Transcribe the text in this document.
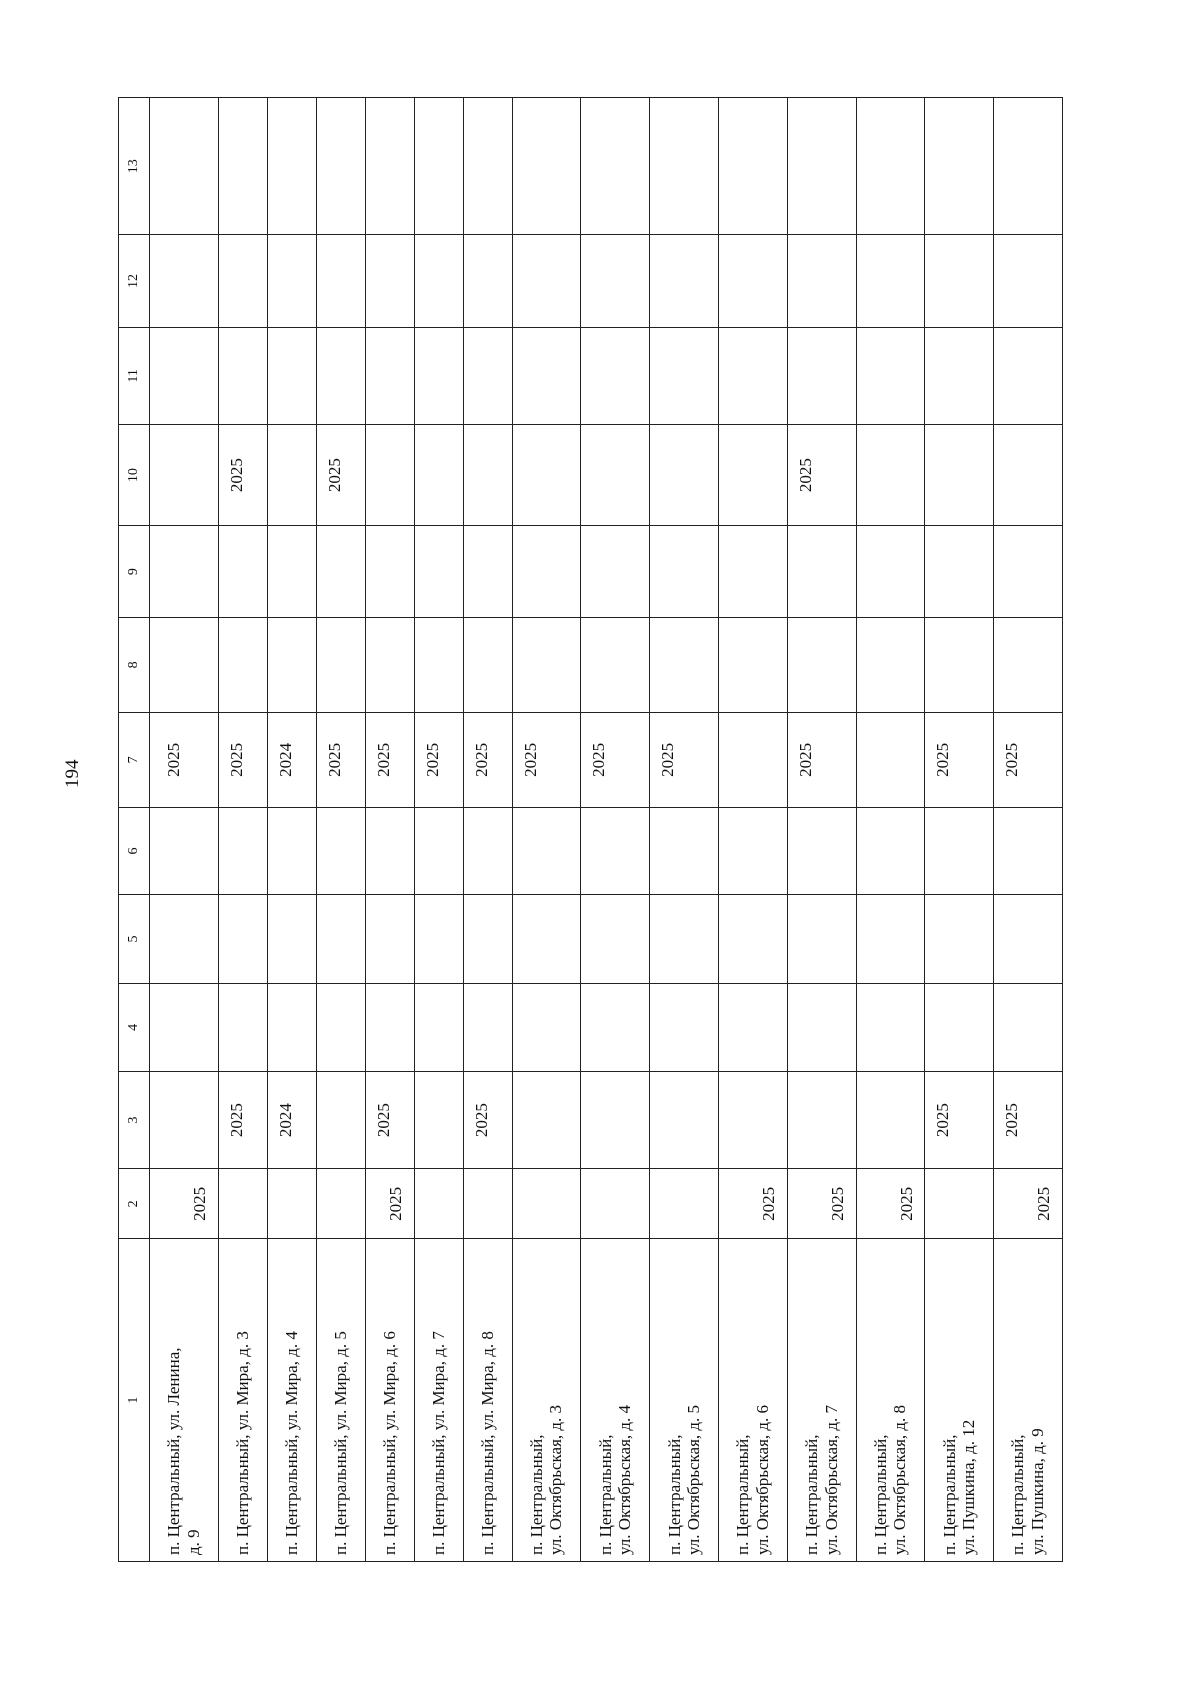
194
1	2	3	4	5	6	7	8	9	10	11	12	13

п. Центральный, ул. Ленина, д. 9	2025					2025						

п. Центральный, ул. Мира, д. 3		2025				2025			2025			

п. Центральный, ул. Мира, д. 4		2024				2024						

п. Центральный, ул. Мира, д. 5						2025			2025			

п. Центральный, ул. Мира, д. 6	2025	2025				2025						

п. Центральный, ул. Мира, д. 7						2025						

п. Центральный, ул. Мира, д. 8		2025				2025						

п. Центральный, ул. Октябрьская, д. 3						2025						

п. Центральный, ул. Октябрьская, д. 4						2025						

п. Центральный, ул. Октябрьская, д. 5						2025						

п. Центральный, ул. Октябрьская, д. 6	2025											

п. Центральный, ул. Октябрьская, д. 7	2025					2025			2025			

п. Центральный, ул. Октябрьская, д. 8	2025											

п. Центральный, ул. Пушкина, д. 12		2025				2025						

п. Центральный, ул. Пушкина, д. 9	2025	2025				2025						
